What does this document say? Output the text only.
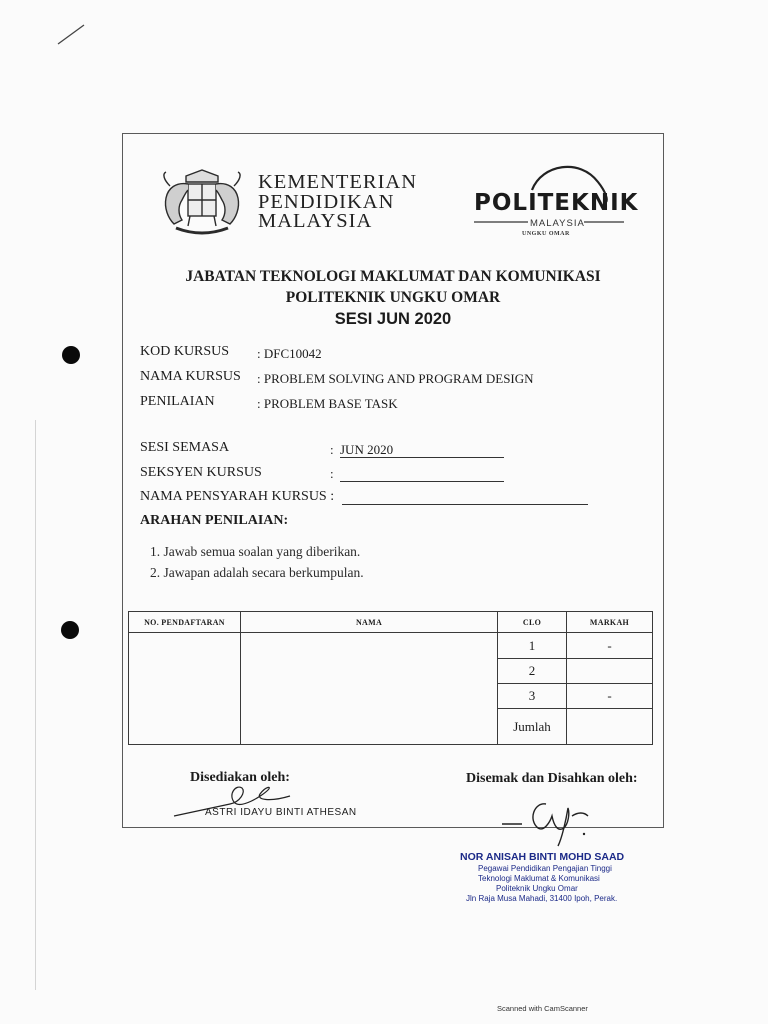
KEMENTERIAN
PENDIDIKAN
MALAYSIA
POLITEKNIK
MALAYSIA
UNGKU OMAR
JABATAN TEKNOLOGI MAKLUMAT DAN KOMUNIKASI
POLITEKNIK UNGKU OMAR
SESI JUN 2020
KOD KURSUS : DFC10042
NAMA KURSUS : PROBLEM SOLVING AND PROGRAM DESIGN
PENILAIAN	: PROBLEM BASE TASK
SESI SEMASA	: JUN 2020
SEKSYEN KURSUS	:
NAMA PENSYARAH KURSUS :
ARAHAN PENILAIAN:
1. Jawab semua soalan yang diberikan.
2. Jawapan adalah secara berkumpulan.
NO. PENDAFTARAN	NAMA	CLO	MARKAH
		1	-
		2	
		3	-
		Jumlah	
Disediakan oleh:
ASTRI IDAYU BINTI ATHESAN
Disemak dan Disahkan oleh:
NOR ANISAH BINTI MOHD SAAD
Pegawai Pendidikan Pengajian Tinggi
Teknologi Maklumat & Komunikasi
Politeknik Ungku Omar
Jln Raja Musa Mahadi, 31400 Ipoh, Perak.
Scanned with CamScanner
